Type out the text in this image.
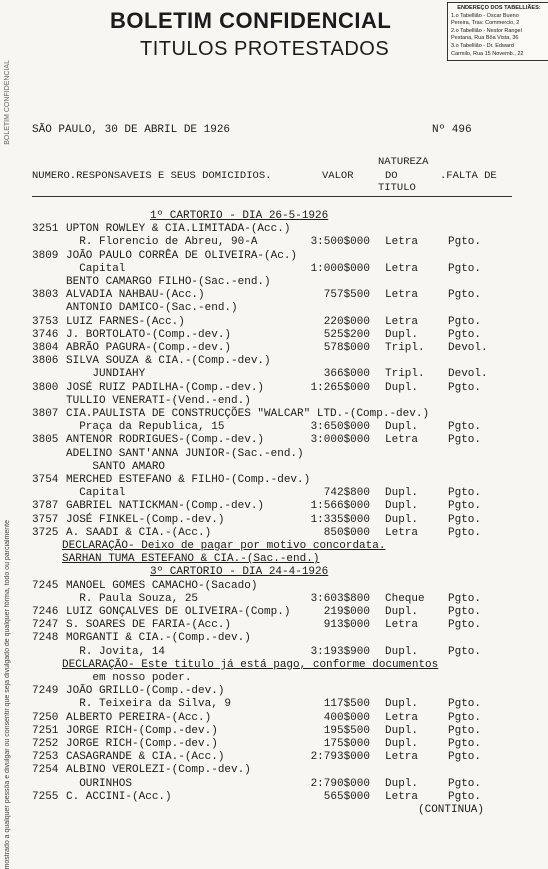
BOLETIM CONFIDENCIAL
TITULOS PROTESTADOS
ENDEREÇO DOS TABELLIÃES:
1.o Tabellião - Oscar Bueno
Pereira, Trav. Commercio, 2
2.o Tabellião - Nestor Rangel
Pestana, Rua Bôa Vista, 36
3.o Tabellião - Dr. Edward
Carmilo, Rua 15 Novemb., 22
mostrado a qualquer pessôa e divulgar ou consentir que seja divulgado de qualquer fórma, todo ou parcialmente
BOLETIM CONFIDENCIAL SÃO PAULO, 30 DE ABRIL DE 1926	Nº 496
NATUREZA
NUMERO.RESPONSAVEIS E SEUS DOMICIDIOS.	VALOR	DO	.FALTA DE
TITULO
1º CARTORIO - DIA 26-5-1926
3251 UPTON ROWLEY & CIA.LIMITADA-(Acc.)
R. Florencio de Abreu, 90-A	3:500$000 Letra	Pgto.
3809 JOÃO PAULO CORRÊA DE OLIVEIRA-(Ac.)
Capital	1:000$000 Letra	Pgto.
BENTO CAMARGO FILHO-(Sac.-end.)
3803 ALVADIA NAHBAU-(Acc.)	757$500 Letra	Pgto.
ANTONIO DAMICO-(Sac.-end.)
3753 LUIZ FARNES-(Acc.)	220$000 Letra	Pgto.
3746 J. BORTOLATO-(Comp.-dev.)	525$200 Dupl.	Pgto.
3804 ABRÃO PAGURA-(Comp.-dev.)	578$000 Tripl. Devol.
3806 SILVA SOUZA & CIA.-(Comp.-dev.)
JUNDIAHY	366$000 Tripl. Devol.
3800 JOSÉ RUIZ PADILHA-(Comp.-dev.)	1:265$000 Dupl.	Pgto.
TULLIO VENERATI-(Vend.-end.)
3807 CIA.PAULISTA DE CONSTRUCÇÕES "WALCAR" LTD.-(Comp.-dev.)
Praça da Republica, 15	3:650$000 Dupl.	Pgto.
3805 ANTENOR RODRIGUES-(Comp.-dev.)	3:000$000 Letra	Pgto.
ADELINO SANT'ANNA JUNIOR-(Sac.-end.)
SANTO AMARO
3754 MERCHED ESTEFANO & FILHO-(Comp.-dev.)
Capital	742$800 Dupl.	Pgto.
3787 GABRIEL NATICKMAN-(Comp.-dev.)	1:566$000 Dupl.	Pgto.
3757 JOSÉ FINKEL-(Comp.-dev.)	1:335$000 Dupl.	Pgto.
3725 A. SAADI & CIA.-(Acc.)	850$000 Letra	Pgto.
DECLARAÇÃO- Deixo de pagar por motivo concordata.
SARHAN TUMA ESTEFANO & CIA.-(Sac.-end.)
3º CARTORIO - DIA 24-4-1926
7245 MANOEL GOMES CAMACHO-(Sacado)
R. Paula Souza, 25	3:603$800 Cheque Pgto.
7246 LUIZ GONÇALVES DE OLIVEIRA-(Comp.)	219$000 Dupl.	Pgto.
7247 S. SOARES DE FARIA-(Acc.)	913$000 Letra	Pgto.
7248 MORGANTI & CIA.-(Comp.-dev.)
R. Jovita, 14	3:193$900 Dupl.	Pgto.
DECLARAÇÃO- Este titulo já está pago, conforme documentos
em nosso poder.
7249 JOÃO GRILLO-(Comp.-dev.)
R. Teixeira da Silva, 9	117$500 Dupl.	Pgto.
7250 ALBERTO PEREIRA-(Acc.)	400$000 Letra	Pgto.
7251 JORGE RICH-(Comp.-dev.)	195$500 Dupl.	Pgto.
7252 JORGE RICH-(Comp.-dev.)	175$000 Dupl.	Pgto.
7253 CASAGRANDE & CIA.-(Acc.)	2:793$000 Letra	Pgto.
7254 ALBINO VEROLEZI-(Comp.-dev.)
OURINHOS	2:790$000 Dupl.	Pgto.
7255 C. ACCINI-(Acc.)	565$000 Letra	Pgto.
(CONTINUA)
